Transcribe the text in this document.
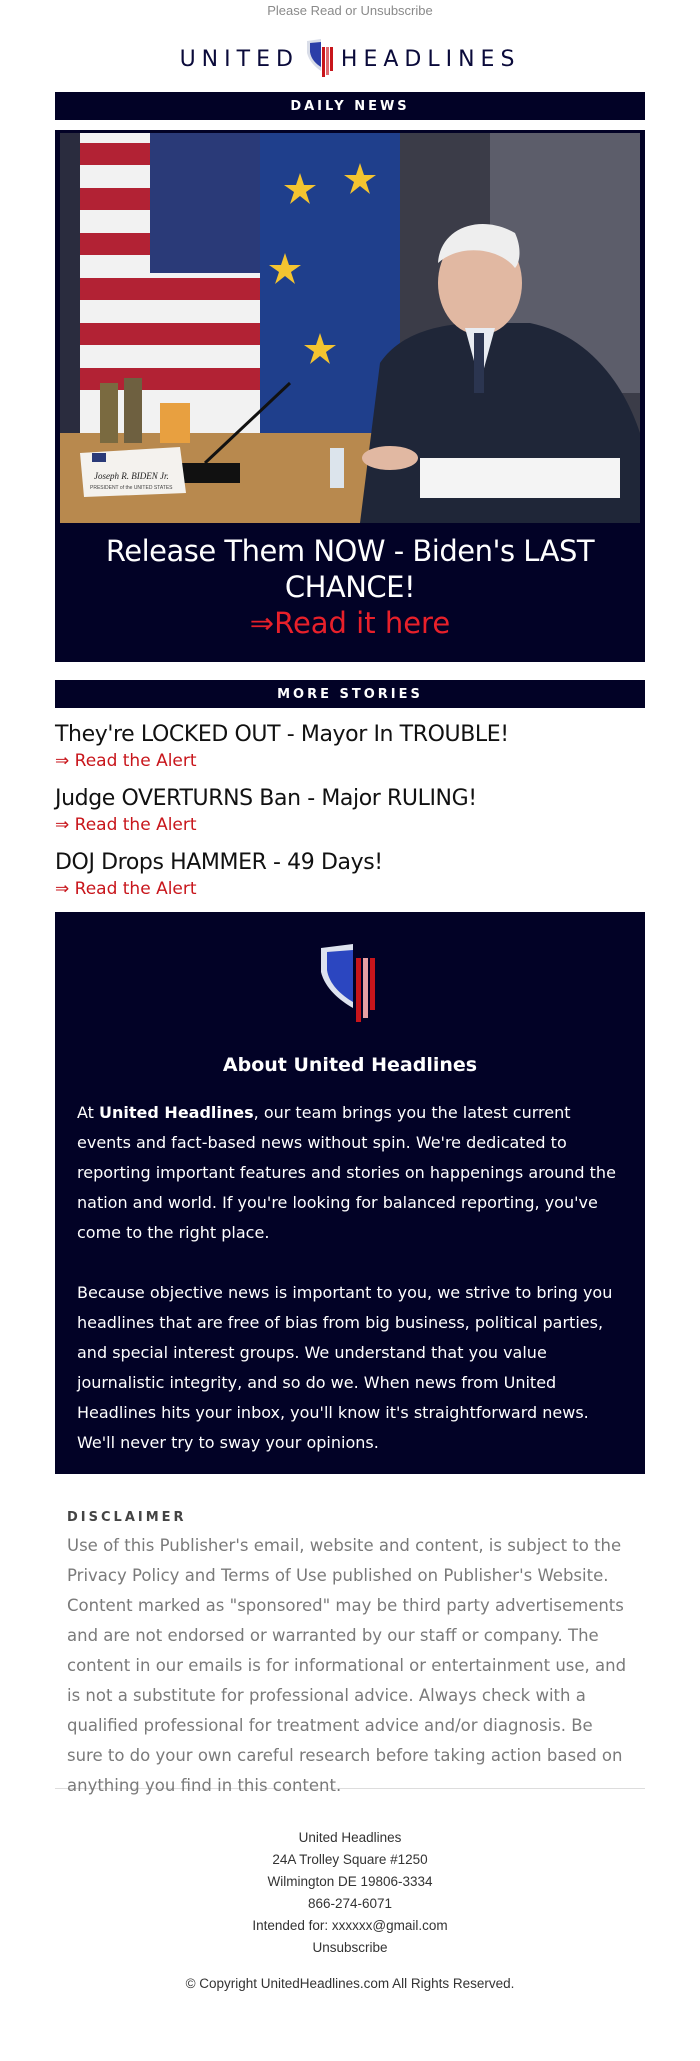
Please Read or Unsubscribe
UNITED HEADLINES
DAILY NEWS
Joseph R. BIDEN Jr.
PRESIDENT of the UNITED STATES
Release Them NOW - Biden's LAST CHANCE!
⇒Read it here
MORE STORIES
They're LOCKED OUT - Mayor In TROUBLE!
⇒ Read the Alert
Judge OVERTURNS Ban - Major RULING!
⇒ Read the Alert
DOJ Drops HAMMER - 49 Days!
⇒ Read the Alert
About United Headlines

At United Headlines, our team brings you the latest current events and fact-based news without spin. We're dedicated to reporting important features and stories on happenings around the nation and world. If you're looking for balanced reporting, you've come to the right place.

Because objective news is important to you, we strive to bring you headlines that are free of bias from big business, political parties, and special interest groups. We understand that you value journalistic integrity, and so do we. When news from United Headlines hits your inbox, you'll know it's straightforward news. We'll never try to sway your opinions.

DISCLAIMER
Use of this Publisher's email, website and content, is subject to the Privacy Policy and Terms of Use published on Publisher's Website. Content marked as "sponsored" may be third party advertisements and are not endorsed or warranted by our staff or company. The content in our emails is for informational or entertainment use, and is not a substitute for professional advice. Always check with a qualified professional for treatment advice and/or diagnosis. Be sure to do your own careful research before taking action based on anything you find in this content.
United Headlines
24A Trolley Square #1250
Wilmington DE 19806-3334
866-274-6071
Intended for: xxxxxx@gmail.com
Unsubscribe
© Copyright UnitedHeadlines.com All Rights Reserved.
